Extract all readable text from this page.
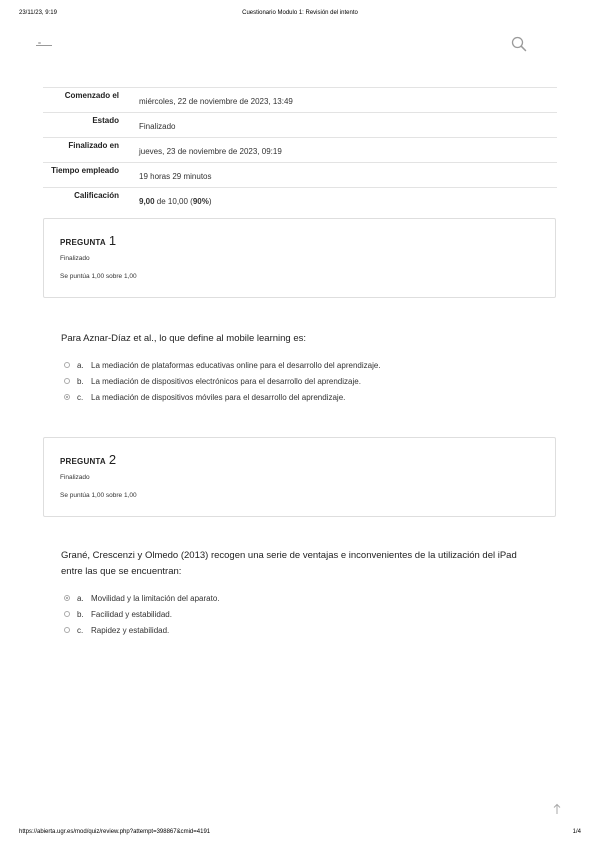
23/11/23, 9:19	Cuestionario Modulo 1: Revisión del intento
Comenzado el	miércoles, 22 de noviembre de 2023, 13:49
Estado	Finalizado
Finalizado en	jueves, 23 de noviembre de 2023, 09:19
Tiempo empleado	19 horas 29 minutos
Calificación	9,00 de 10,00 (90%)
PREGUNTA 1
Finalizado
Se puntúa 1,00 sobre 1,00
Para Aznar-Díaz et al., lo que define al mobile learning es:
a. La mediación de plataformas educativas online para el desarrollo del aprendizaje.
b. La mediación de dispositivos electrónicos para el desarrollo del aprendizaje.
c. La mediación de dispositivos móviles para el desarrollo del aprendizaje.
PREGUNTA 2
Finalizado
Se puntúa 1,00 sobre 1,00
Grané, Crescenzi y Olmedo (2013) recogen una serie de ventajas e inconvenientes de la utilización del iPad entre las que se encuentran:
a. Movilidad y la limitación del aparato.
b. Facilidad y estabilidad.
c. Rapidez y estabilidad.
https://abierta.ugr.es/mod/quiz/review.php?attempt=398867&cmid=4191	1/4
